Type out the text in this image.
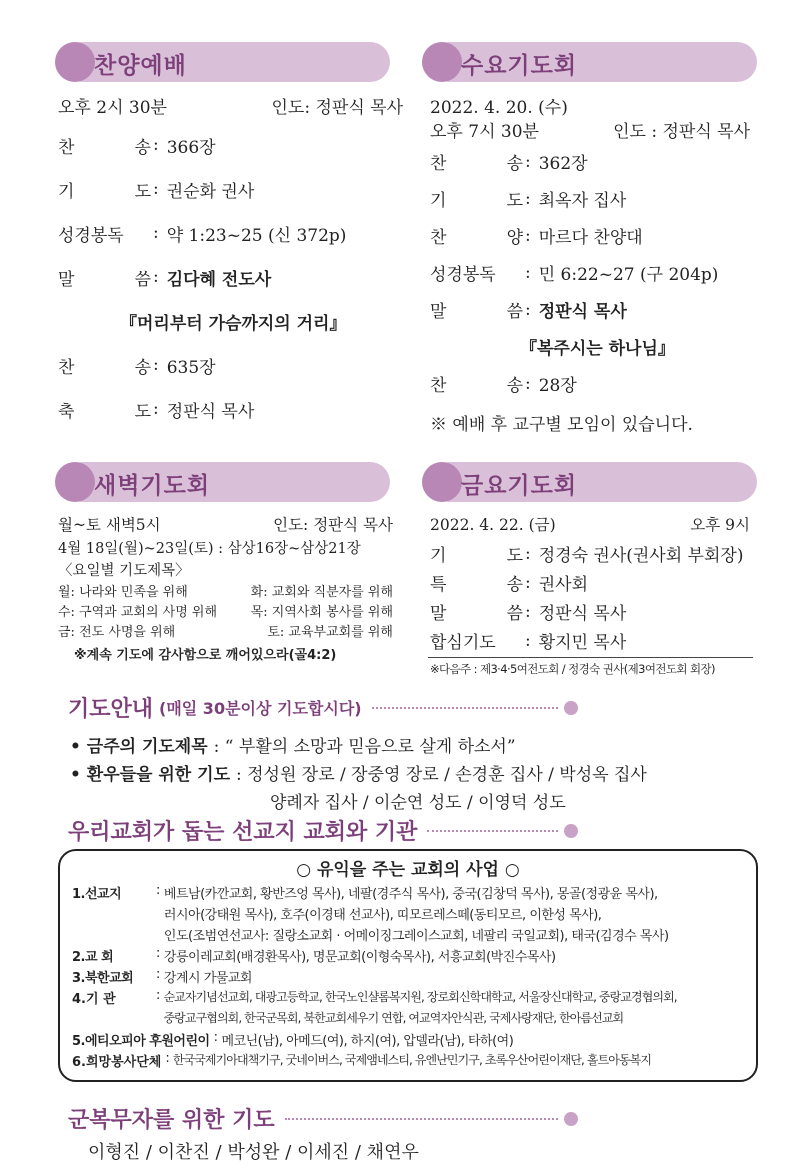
찬양예배
오후 2시 30분	인도: 정판식 목사
찬 송 : 366장
기 도 : 권순화 권사
성경봉독	: 약 1:23~25 (신 372p)
말 씀 : 김다혜 전도사
『머리부터 가슴까지의 거리』
찬 송 : 635장
축 도 : 정판식 목사
수요기도회
2022. 4. 20. (수)
오후 7시 30분	인도 : 정판식 목사
찬 송 : 362장
기 도 : 최옥자 집사
찬 양 : 마르다 찬양대
성경봉독	: 민 6:22~27 (구 204p)
말 씀 : 정판식 목사
『복주시는 하나님』
찬 송 : 28장
※ 예배 후 교구별 모임이 있습니다.
새벽기도회
월~토 새벽5시	인도: 정판식 목사
4월 18일(월)~23일(토) : 삼상16장~삼상21장
〈요일별 기도제목〉
월: 나라와 민족을 위해	화: 교회와 직분자를 위해
수: 구역과 교회의 사명 위해	목: 지역사회 봉사를 위해
금: 전도 사명을 위해	토: 교육부교회를 위해
※계속 기도에 감사함으로 깨어있으라(골4:2)
금요기도회
2022. 4. 22. (금)	오후 9시
기 도 : 정경숙 권사(권사회 부회장)
특 송 : 권사회
말 씀 : 정판식 목사
합심기도	: 황지민 목사
※다음주 : 제3·4·5여전도회 / 정경숙 권사(제3여전도회 회장)
기도안내 (매일 30분이상 기도합시다)
• 금주의 기도제목 : “ 부활의 소망과 믿음으로 살게 하소서”
• 환우들을 위한 기도 : 정성원 장로 / 장중영 장로 / 손경훈 집사 / 박성옥 집사
양례자 집사 / 이순연 성도 / 이영덕 성도
우리교회가 돕는 선교지 교회와 기관
○ 유익을 주는 교회의 사업 ○
1.선교지	: 베트남(카깐교회, 황반즈엉 목사), 네팔(경주식 목사), 중국(김창덕 목사), 몽골(정광윤 목사),
러시아(강태원 목사), 호주(이경태 선교사), 띠모르레스떼(동티모르, 이한성 목사),
인도(조범연선교사: 질랑소교회 · 어메이징그레이스교회, 네팔리 국일교회), 태국(김경수 목사)
2.교 회	: 강릉이레교회(배경환목사), 명문교회(이형숙목사), 서흥교회(박진수목사)
3.북한교회	: 강계시 가물교회
4.기 관	: 순교자기념선교회, 대광고등학교, 한국노인샬롬복지원, 장로회신학대학교, 서울장신대학교, 중랑교경협의회,
중랑교구협의회, 한국군목회, 북한교회세우기 연합, 여교역자안식관, 국제사랑재단, 한아름선교회
5.에티오피아 후원어린이 : 메코닌(남), 아메드(여), 하지(여), 압델라(남), 타하(여)
6.희망봉사단체 : 한국국제기아대책기구, 굿네이버스, 국제앰네스티, 유엔난민기구, 초록우산어린이재단, 홀트아동복지
군복무자를 위한 기도
이형진 / 이찬진 / 박성완 / 이세진 / 채연우
